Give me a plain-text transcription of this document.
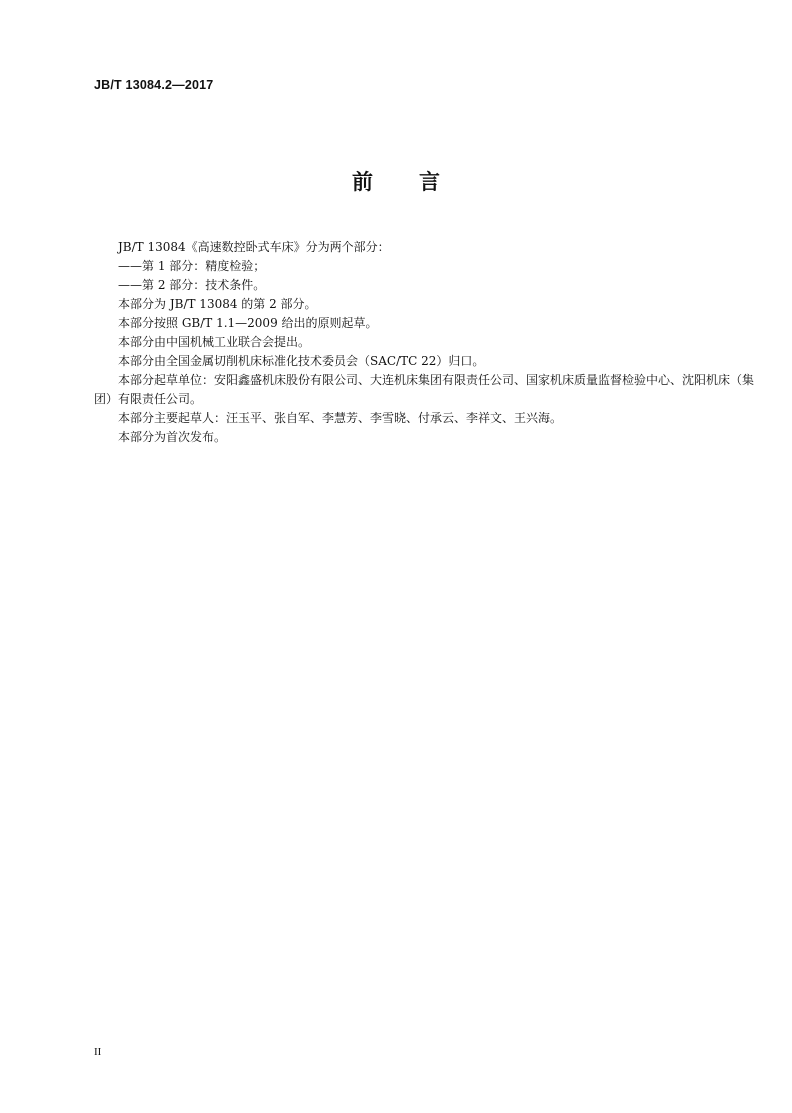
JB/T 13084.2—2017
前言

JB/T 13084《高速数控卧式车床》分为两个部分：

——第 1 部分：精度检验；

——第 2 部分：技术条件。

本部分为 JB/T 13084 的第 2 部分。

本部分按照 GB/T 1.1—2009 给出的原则起草。

本部分由中国机械工业联合会提出。

本部分由全国金属切削机床标准化技术委员会（SAC/TC 22）归口。

本部分起草单位：安阳鑫盛机床股份有限公司、大连机床集团有限责任公司、国家机床质量监督检验中心、沈阳机床（集团）有限责任公司。

本部分主要起草人：汪玉平、张自军、李慧芳、李雪晓、付承云、李祥文、王兴海。

本部分为首次发布。

II
